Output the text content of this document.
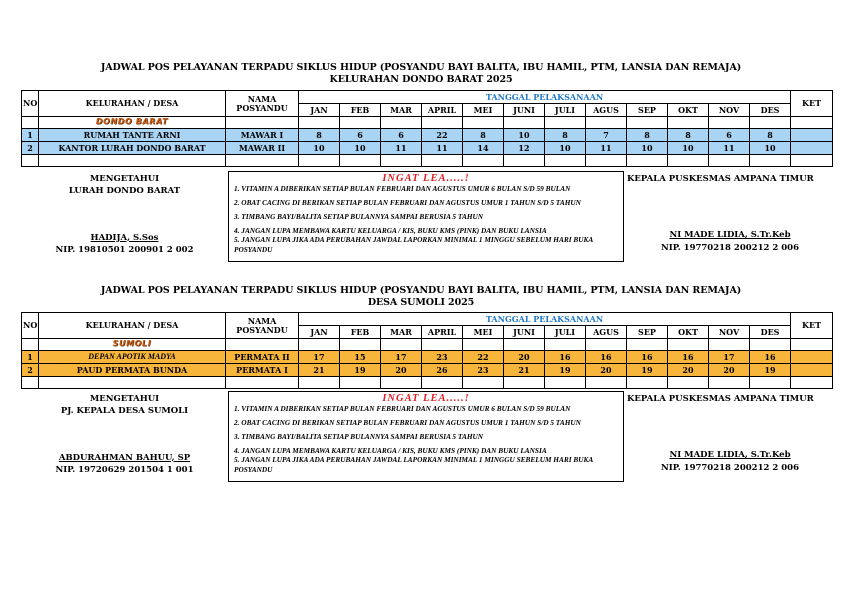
JADWAL POS PELAYANAN TERPADU SIKLUS HIDUP (POSYANDU BAYI BALITA, IBU HAMIL, PTM, LANSIA DAN REMAJA)
KELURAHAN DONDO BARAT 2025
NO	KELURAHAN / DESA	NAMA POSYANDU	TANGGAL PELAKSANAAN												KET
			JAN	FEB	MAR	APRIL	MEI	JUNI	JULI	AGUS	SEP	OKT	NOV	DES	
	DONDO BARAT														
1	RUMAH TANTE ARNI	MAWAR I	8	6	6	22	8	10	8	7	8	8	6	8	
2	KANTOR LURAH DONDO BARAT	MAWAR II	10	10	11	11	14	12	10	11	10	10	11	10	

MENGETAHUI
LURAH DONDO BARAT
HADIJA, S.Sos
NIP. 19810501 200901 2 002
INGAT LEA.....!
1. VITAMIN A DIBERIKAN SETIAP BULAN FEBRUARI DAN AGUSTUS UMUR 6 BULAN S/D 59 BULAN
2. OBAT CACING DI BERIKAN SETIAP BULAN FEBRUARI DAN AGUSTUS UMUR 1 TAHUN S/D 5 TAHUN
3. TIMBANG BAYI/BALITA SETIAP BULANNYA SAMPAI BERUSIA 5 TAHUN
4. JANGAN LUPA MEMBAWA KARTU KELUARGA / KIS, BUKU KMS (PINK) DAN BUKU LANSIA
5. JANGAN LUPA JIKA ADA PERUBAHAN JAWDAL LAPORKAN MINIMAL 1 MINGGU SEBELUM HARI BUKA POSYANDU
KEPALA PUSKESMAS AMPANA TIMUR
NI MADE LIDIA, S.Tr.Keb
NIP. 19770218 200212 2 006
JADWAL POS PELAYANAN TERPADU SIKLUS HIDUP (POSYANDU BAYI BALITA, IBU HAMIL, PTM, LANSIA DAN REMAJA)
DESA SUMOLI 2025
NO	KELURAHAN / DESA	NAMA POSYANDU	TANGGAL PELAKSANAAN												KET
			JAN	FEB	MAR	APRIL	MEI	JUNI	JULI	AGUS	SEP	OKT	NOV	DES	
	SUMOLI														
1	DEPAN APOTIK MADYA	PERMATA II	17	15	17	23	22	20	16	16	16	16	17	16	
2	PAUD PERMATA BUNDA	PERMATA I	21	19	20	26	23	21	19	20	19	20	20	19	

MENGETAHUI
PJ. KEPALA DESA SUMOLI
ABDURAHMAN BAHUU, SP
NIP. 19720629 201504 1 001
INGAT LEA.....!
1. VITAMIN A DIBERIKAN SETIAP BULAN FEBRUARI DAN AGUSTUS UMUR 6 BULAN S/D 59 BULAN
2. OBAT CACING DI BERIKAN SETIAP BULAN FEBRUARI DAN AGUSTUS UMUR 1 TAHUN S/D 5 TAHUN
3. TIMBANG BAYI/BALITA SETIAP BULANNYA SAMPAI BERUSIA 5 TAHUN
4. JANGAN LUPA MEMBAWA KARTU KELUARGA / KIS, BUKU KMS (PINK) DAN BUKU LANSIA
5. JANGAN LUPA JIKA ADA PERUBAHAN JAWDAL LAPORKAN MINIMAL 1 MINGGU SEBELUM HARI BUKA POSYANDU
KEPALA PUSKESMAS AMPANA TIMUR
NI MADE LIDIA, S.Tr.Keb
NIP. 19770218 200212 2 006
